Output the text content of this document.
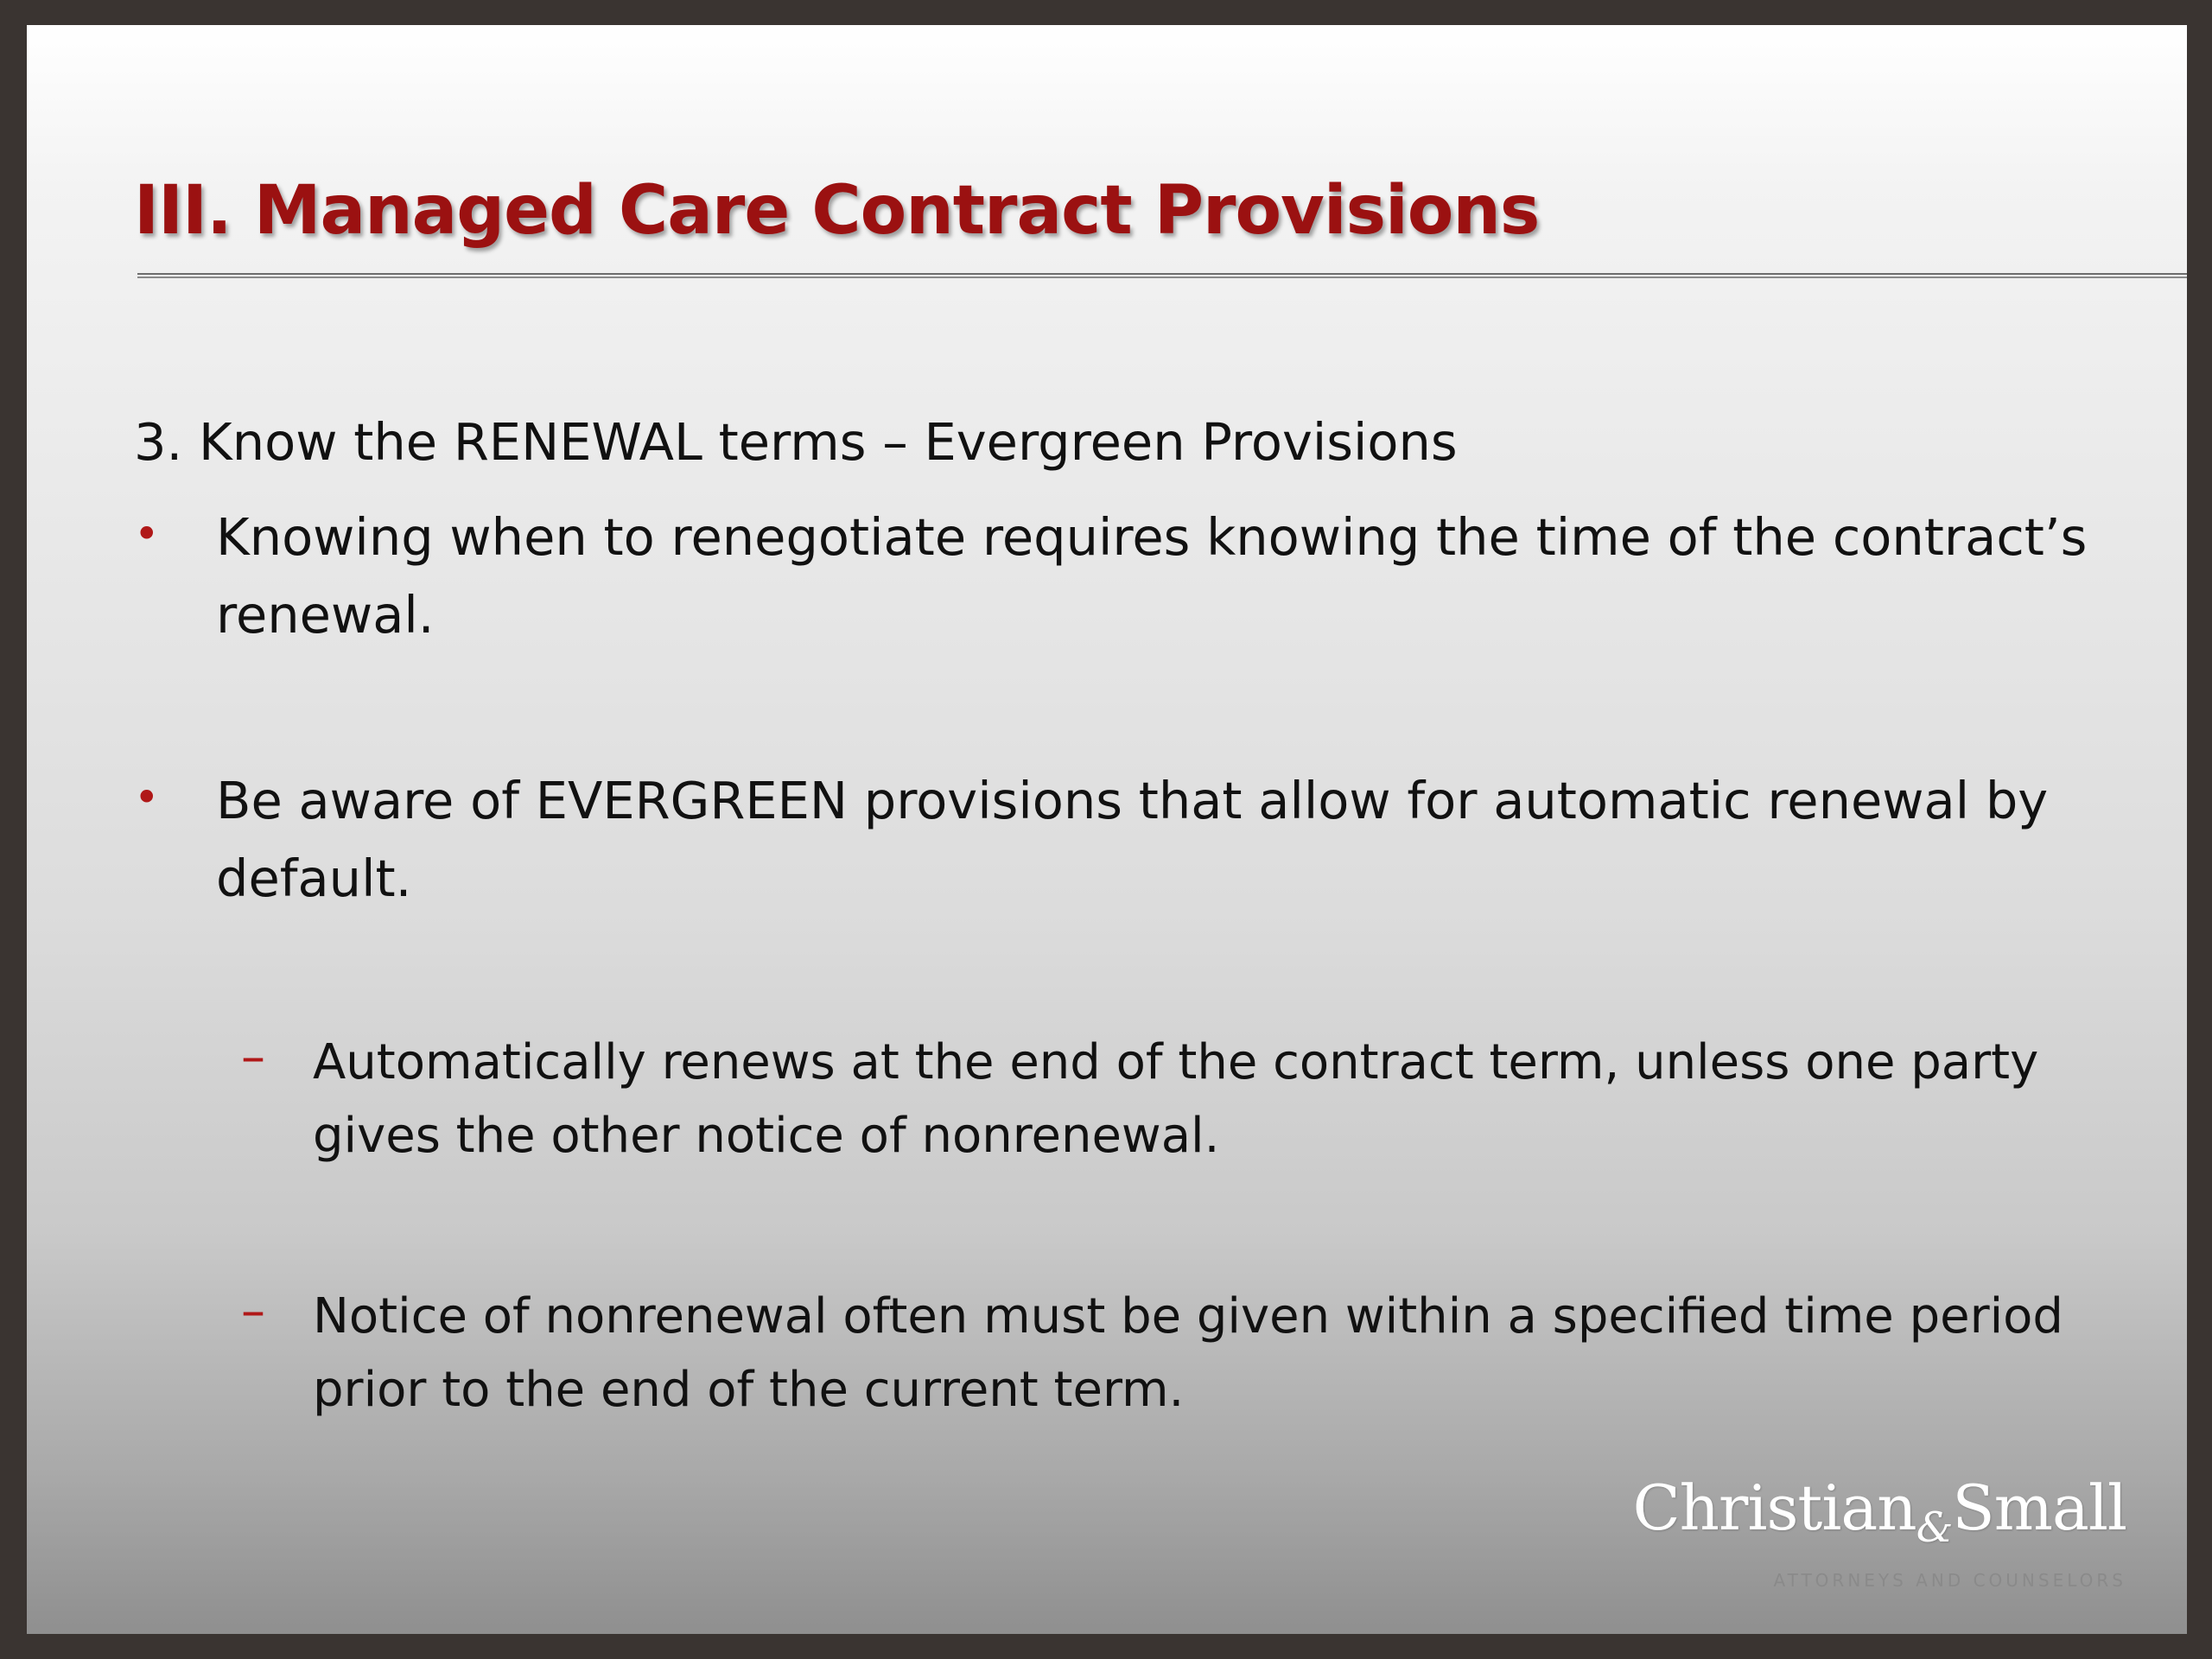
III. Managed Care Contract Provisions
3. Know the RENEWAL terms – Evergreen Provisions
• Knowing when to renegotiate requires knowing the time of the contract’s renewal.
• Be aware of EVERGREEN provisions that allow for automatic renewal by default.
– Automatically renews at the end of the contract term, unless one party gives the other notice of nonrenewal.
– Notice of nonrenewal often must be given within a specified time period prior to the end of the current term.
Christian&Small
ATTORNEYS AND COUNSELORS
